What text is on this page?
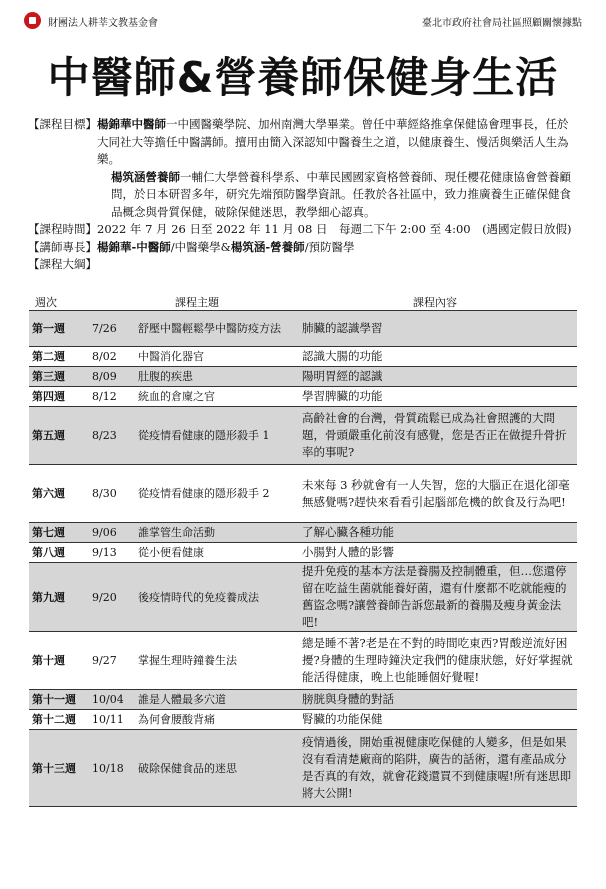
財團法人耕莘文教基金會	臺北市政府社會局社區照顧關懷據點
中醫師&營養師保健身生活
【課程目標】 楊錦華中醫師一中國醫藥學院、加州南灣大學畢業。曾任中華經絡推拿保健協會理事長，任於大同社大等擔任中醫講師。擅用由簡入深認知中醫養生之道，以健康養生、慢活與樂活人生為樂。
楊筑涵營養師一輔仁大學營養科學系、中華民國國家資格營養師、現任櫻花健康協會營養顧問，於日本研習多年，研究先端預防醫學資訊。任教於各社區中，致力推廣養生正確保健食品概念與骨質保健，破除保健迷思，教學細心認真。
【課程時間】 2022 年 7 月 26 日至 2022 年 11 月 08 日　每週二下午 2:00 至 4:00　(遇國定假日放假)
【講師專長】 楊錦華-中醫師/中醫藥學&楊筑涵-營養師/預防醫學
【課程大綱】
週次		課程主題	課程內容
第一週	7/26	舒壓中醫輕鬆學中醫防疫方法	肺臟的認識學習
第二週	8/02	中醫消化器官	認識大腸的功能
第三週	8/09	肚腹的疾患	陽明胃經的認識
第四週	8/12	統血的倉廩之官	學習脾臟的功能
第五週	8/23	從疫情看健康的隱形殺手 1	高齡社會的台灣，骨質疏鬆已成為社會照護的大問題，骨頭嚴重化前沒有感覺，您是否正在做提升骨折率的事呢?
第六週	8/30	從疫情看健康的隱形殺手 2	未來每 3 秒就會有一人失智，您的大腦正在退化卻毫無感覺嗎?趕快來看看引起腦部危機的飲食及行為吧!
第七週	9/06	誰掌管生命活動	了解心臟各種功能
第八週	9/13	從小便看健康	小腸對人體的影響
第九週	9/20	後疫情時代的免疫養成法	提升免疫的基本方法是養腸及控制體重，但…您還停留在吃益生菌就能養好菌，還有什麼都不吃就能瘦的舊盜念嗎?讓營養師告訴您最新的養腸及瘦身黃金法吧!
第十週	9/27	掌握生理時鐘養生法	總是睡不著?老是在不對的時間吃東西?胃酸逆流好困擾?身體的生理時鐘決定我們的健康狀態，好好掌握就能活得健康，晚上也能睡個好覺喔!
第十一週	10/04	誰是人體最多穴道	膀胱與身體的對話
第十二週	10/11	為何會腰酸背痛	腎臟的功能保健
第十三週	10/18	破除保健食品的迷思	疫情過後，開始重視健康吃保健的人變多，但是如果沒有看清楚廠商的陷阱，廣告的話術，還有產品成分是否真的有效，就會花錢還買不到健康喔!所有迷思即將大公開!
